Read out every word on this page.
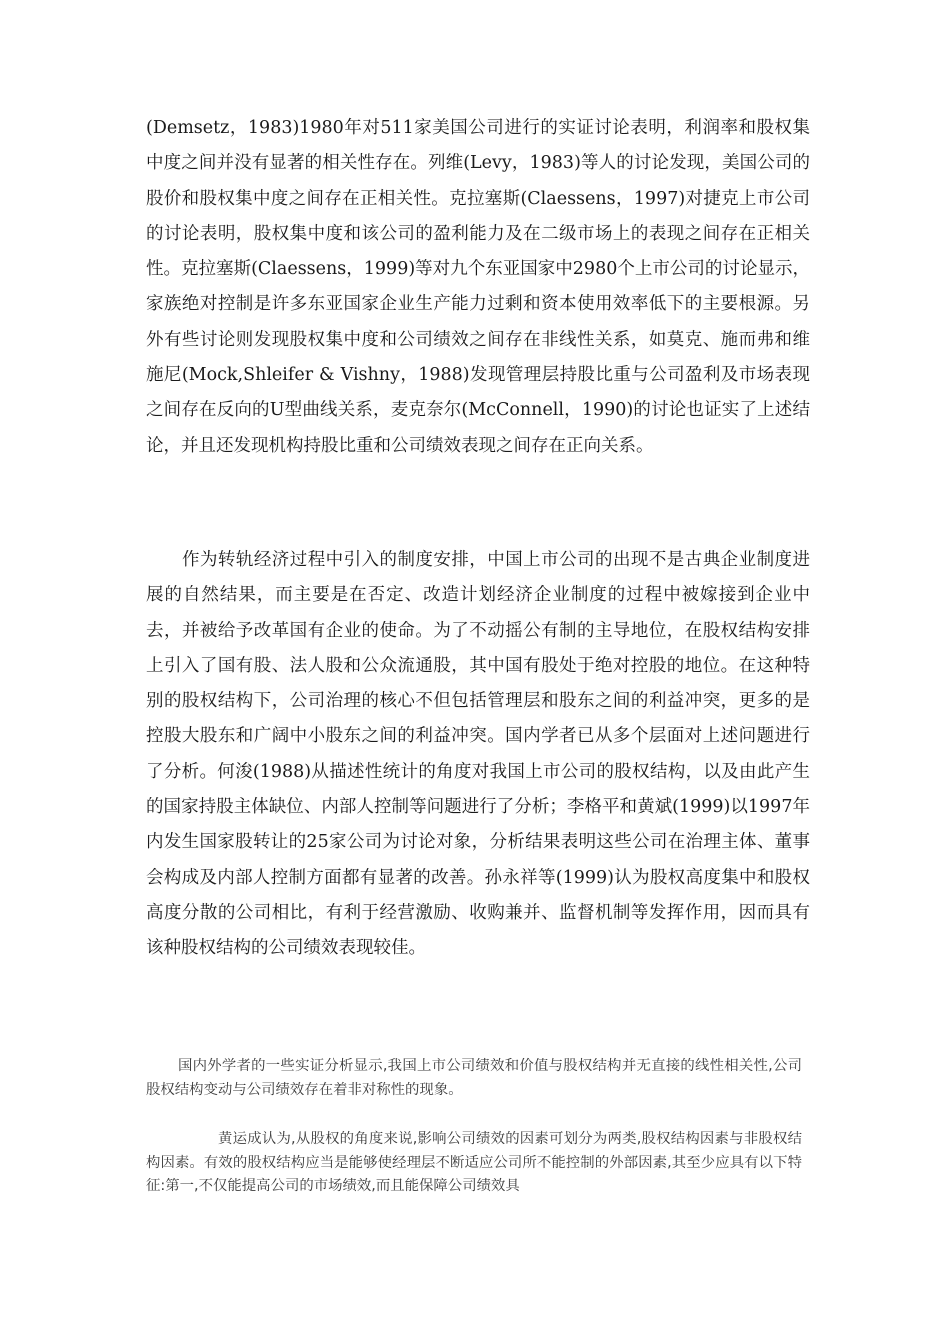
(Demsetz，1983)1980年对511家美国公司进行的实证讨论表明，利润率和股权集中度之间并没有显著的相关性存在。列维(Levy，1983)等人的讨论发现，美国公司的股价和股权集中度之间存在正相关性。克拉塞斯(Claessens，1997)对捷克上市公司的讨论表明，股权集中度和该公司的盈利能力及在二级市场上的表现之间存在正相关性。克拉塞斯(Claessens，1999)等对九个东亚国家中2980个上市公司的讨论显示，家族绝对控制是许多东亚国家企业生产能力过剩和资本使用效率低下的主要根源。另外有些讨论则发现股权集中度和公司绩效之间存在非线性关系，如莫克、施而弗和维施尼(Mock,Shleifer & Vishny，1988)发现管理层持股比重与公司盈利及市场表现之间存在反向的U型曲线关系，麦克奈尔(McConnell，1990)的讨论也证实了上述结论，并且还发现机构持股比重和公司绩效表现之间存在正向关系。

作为转轨经济过程中引入的制度安排，中国上市公司的出现不是古典企业制度进展的自然结果，而主要是在否定、改造计划经济企业制度的过程中被嫁接到企业中去，并被给予改革国有企业的使命。为了不动摇公有制的主导地位，在股权结构安排上引入了国有股、法人股和公众流通股，其中国有股处于绝对控股的地位。在这种特别的股权结构下，公司治理的核心不但包括管理层和股东之间的利益冲突，更多的是控股大股东和广阔中小股东之间的利益冲突。国内学者已从多个层面对上述问题进行了分析。何浚(1988)从描述性统计的角度对我国上市公司的股权结构，以及由此产生的国家持股主体缺位、内部人控制等问题进行了分析；李格平和黄斌(1999)以1997年内发生国家股转让的25家公司为讨论对象，分析结果表明这些公司在治理主体、董事会构成及内部人控制方面都有显著的改善。孙永祥等(1999)认为股权高度集中和股权高度分散的公司相比，有利于经营激励、收购兼并、监督机制等发挥作用，因而具有该种股权结构的公司绩效表现较佳。

国内外学者的一些实证分析显示,我国上市公司绩效和价值与股权结构并无直接的线性相关性,公司股权结构变动与公司绩效存在着非对称性的现象。

黄运成认为,从股权的角度来说,影响公司绩效的因素可划分为两类,股权结构因素与非股权结构因素。有效的股权结构应当是能够使经理层不断适应公司所不能控制的外部因素,其至少应具有以下特征:第一,不仅能提高公司的市场绩效,而且能保障公司绩效具
